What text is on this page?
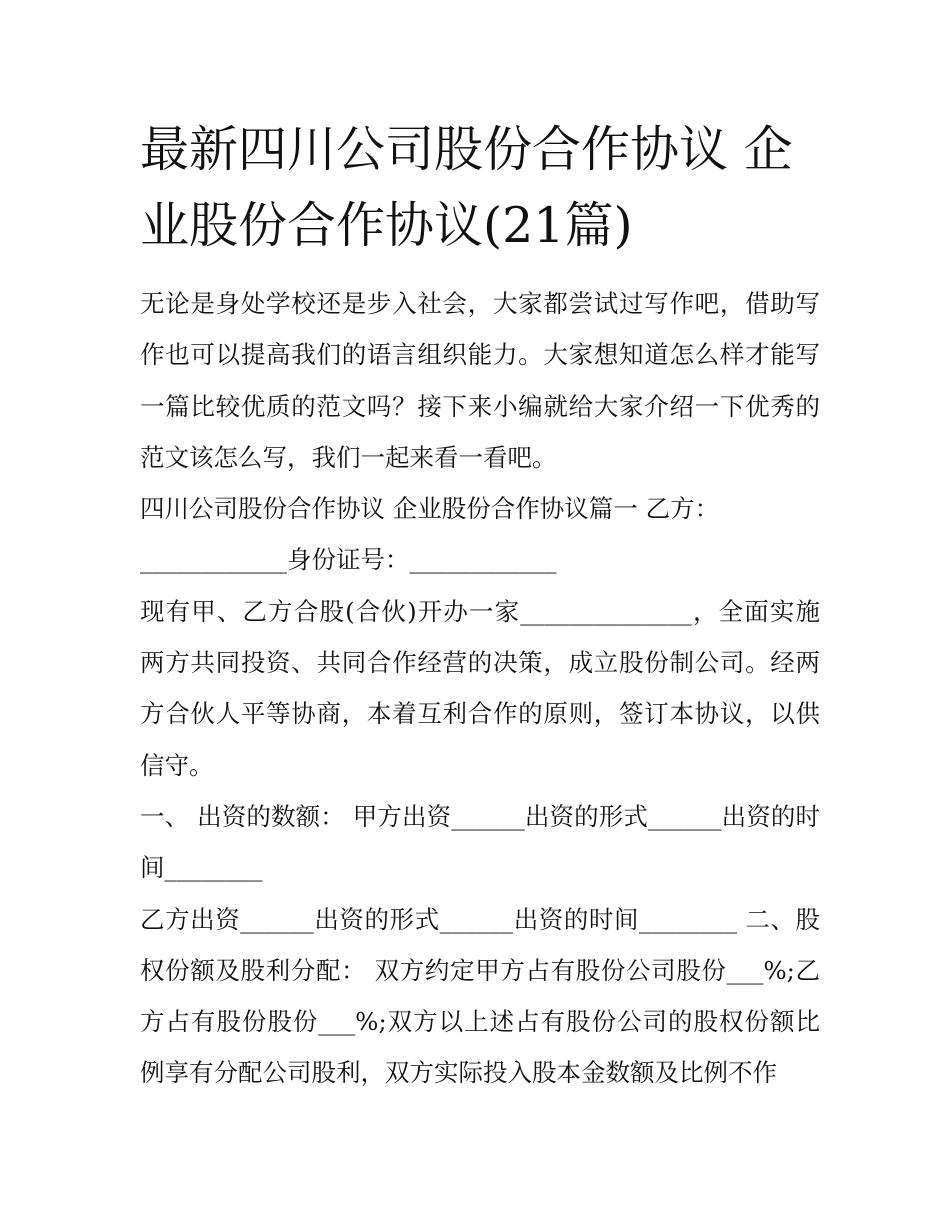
最新四川公司股份合作协议 企业股份合作协议(21篇)

无论是身处学校还是步入社会，大家都尝试过写作吧，借助写作也可以提高我们的语言组织能力。大家想知道怎么样才能写一篇比较优质的范文吗？接下来小编就给大家介绍一下优秀的范文该怎么写，我们一起来看一看吧。

四川公司股份合作协议 企业股份合作协议篇一 乙方：

____________身份证号：____________

现有甲、乙方合股(合伙)开办一家______________，全面实施两方共同投资、共同合作经营的决策，成立股份制公司。经两方合伙人平等协商，本着互利合作的原则，签订本协议，以供信守。

一、 出资的数额： 甲方出资______出资的形式______出资的时间________

乙方出资______出资的形式______出资的时间________ 二、股权份额及股利分配： 双方约定甲方占有股份公司股份___%;乙方占有股份股份___%;双方以上述占有股份公司的股权份额比例享有分配公司股利，双方实际投入股本金数额及比例不作
